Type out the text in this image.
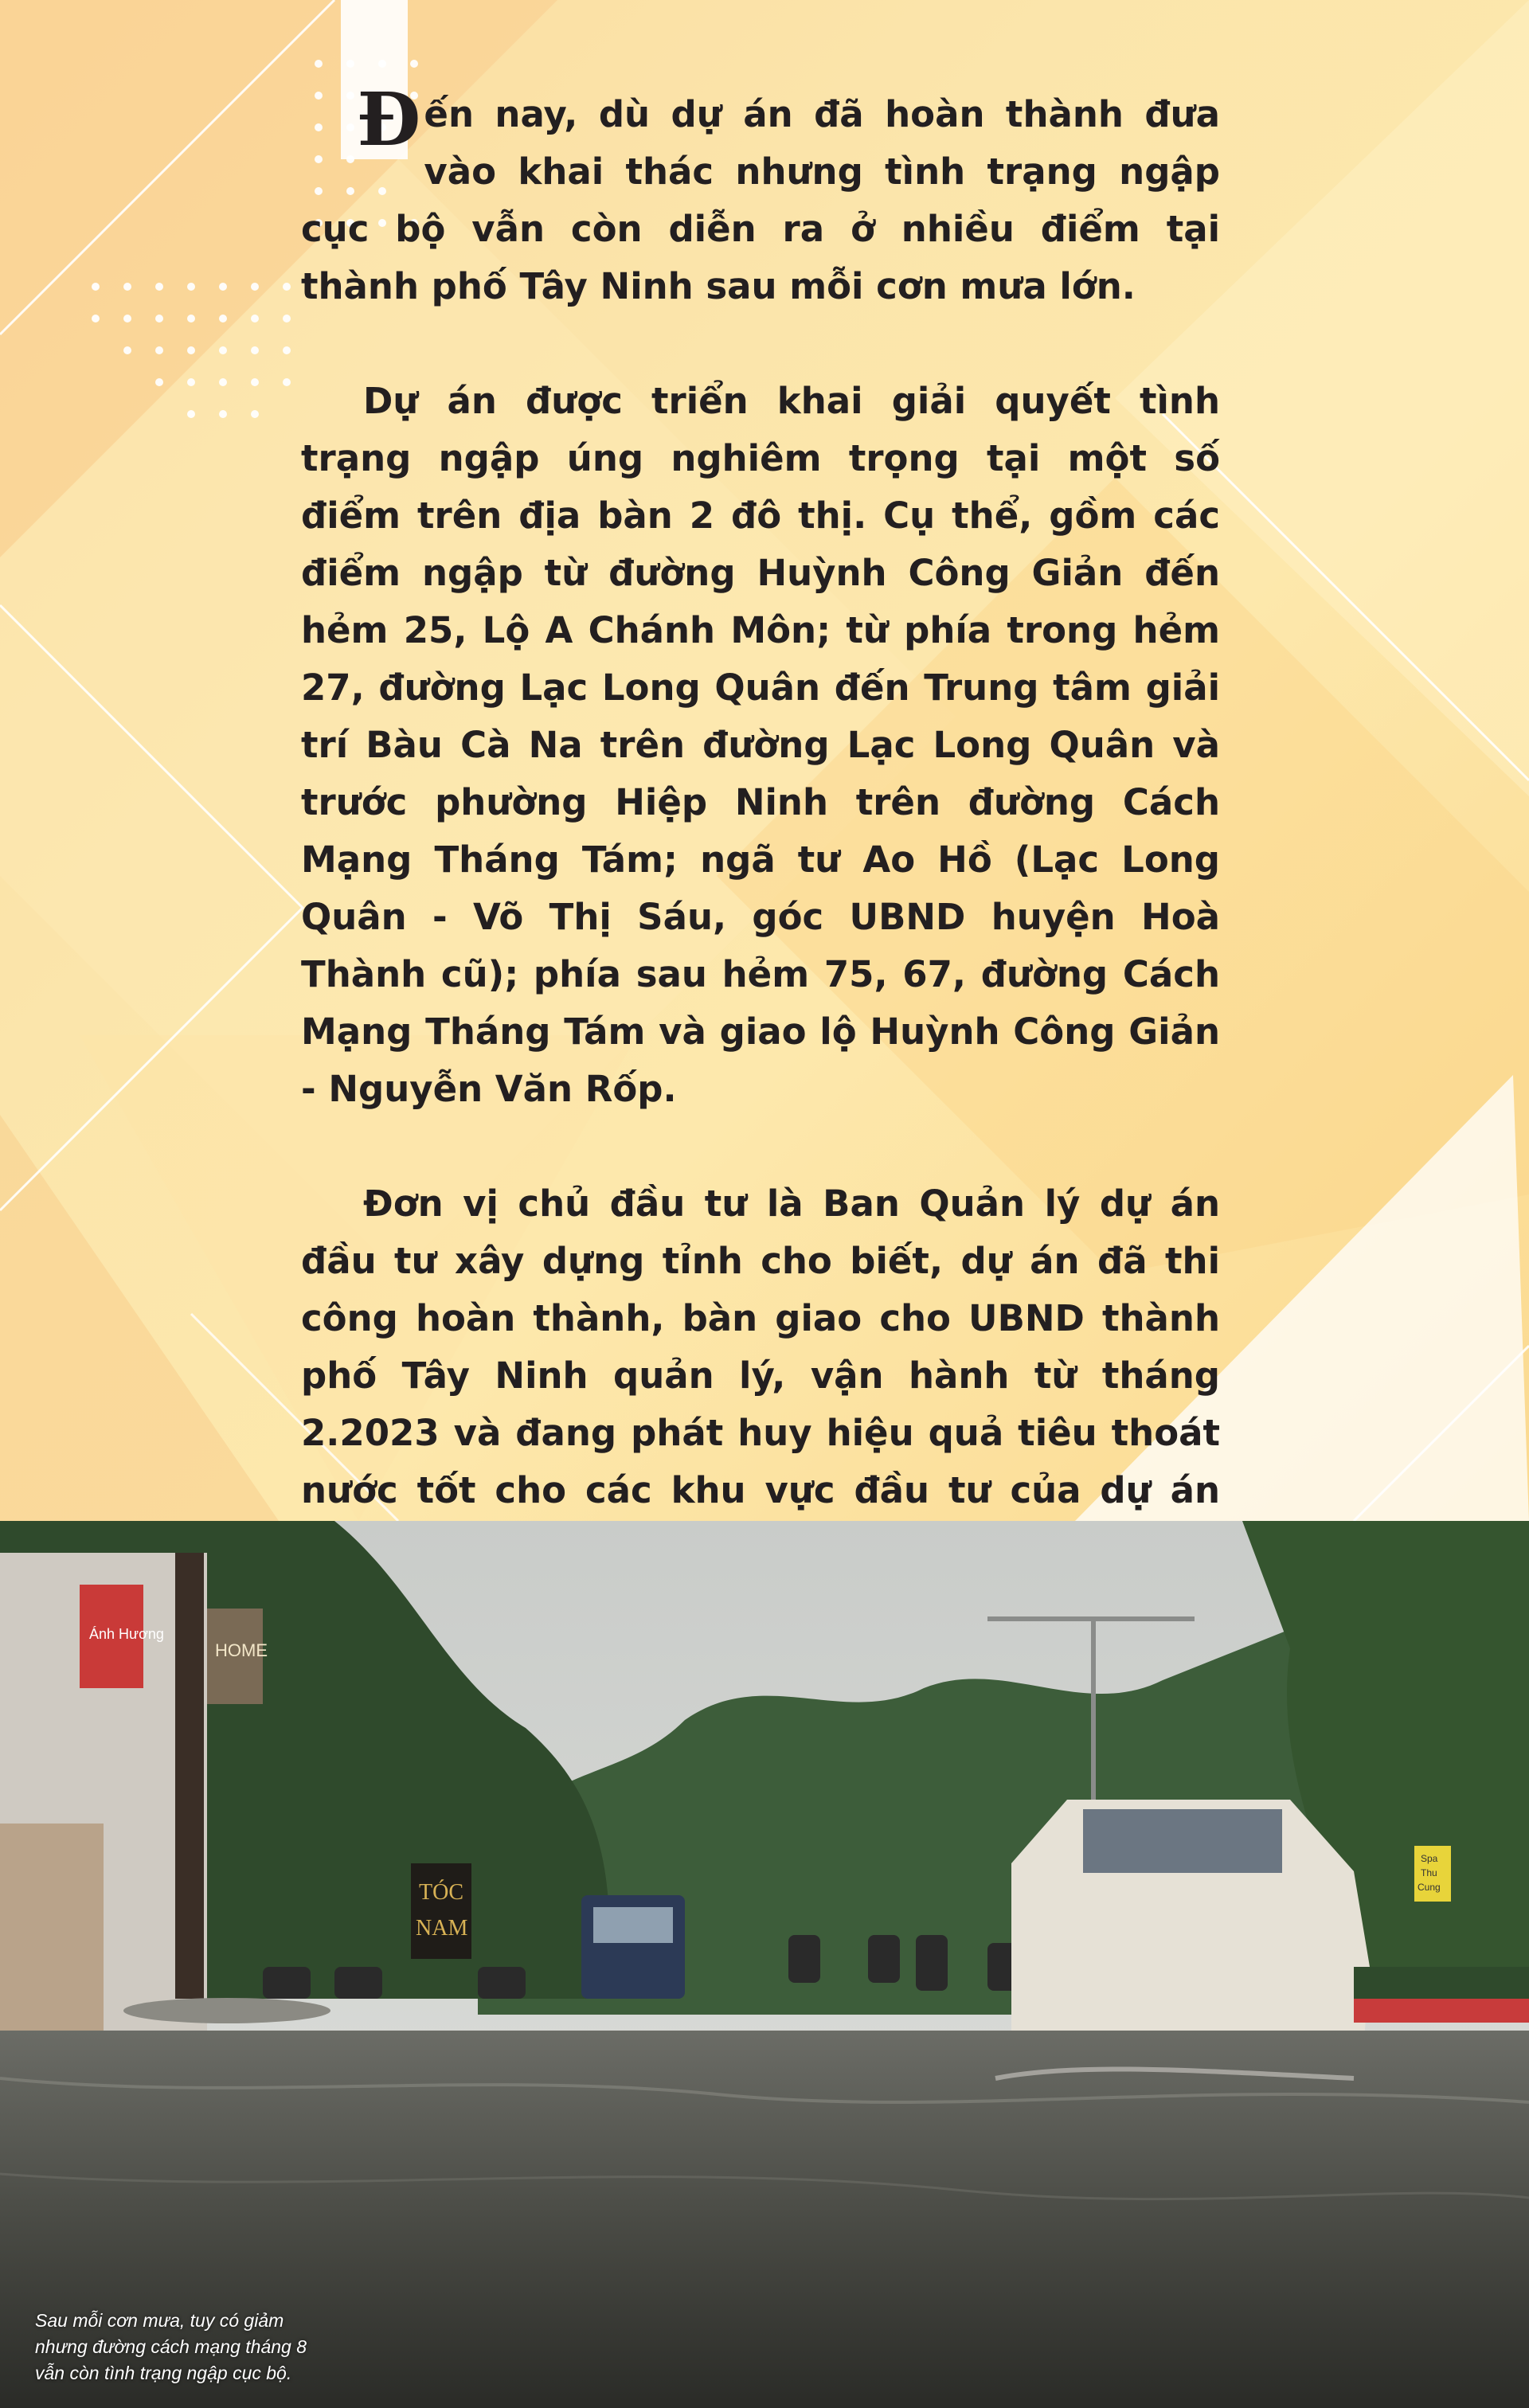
Đến nay, dù dự án đã hoàn thành đưa vào khai thác nhưng tình trạng ngập cục bộ vẫn còn diễn ra ở nhiều điểm tại thành phố Tây Ninh sau mỗi cơn mưa lớn.

Dự án được triển khai giải quyết tình trạng ngập úng nghiêm trọng tại một số điểm trên địa bàn 2 đô thị. Cụ thể, gồm các điểm ngập từ đường Huỳnh Công Giản đến hẻm 25, Lộ A Chánh Môn; từ phía trong hẻm 27, đường Lạc Long Quân đến Trung tâm giải trí Bàu Cà Na trên đường Lạc Long Quân và trước phường Hiệp Ninh trên đường Cách Mạng Tháng Tám; ngã tư Ao Hồ (Lạc Long Quân - Võ Thị Sáu, góc UBND huyện Hoà Thành cũ); phía sau hẻm 75, 67, đường Cách Mạng Tháng Tám và giao lộ Huỳnh Công Giản - Nguyễn Văn Rốp.

Đơn vị chủ đầu tư là Ban Quản lý dự án đầu tư xây dựng tỉnh cho biết, dự án đã thi công hoàn thành, bàn giao cho UBND thành phố Tây Ninh quản lý, vận hành từ tháng 2.2023 và đang phát huy hiệu quả tiêu thoát nước tốt cho các khu vực đầu tư của dự án

Ánh Hương
HOME
TÓC
NAM
Spa
Thu
Cung
Sau mỗi cơn mưa, tuy có giảm
nhưng đường cách mạng tháng 8
vẫn còn tình trạng ngập cục bộ.
